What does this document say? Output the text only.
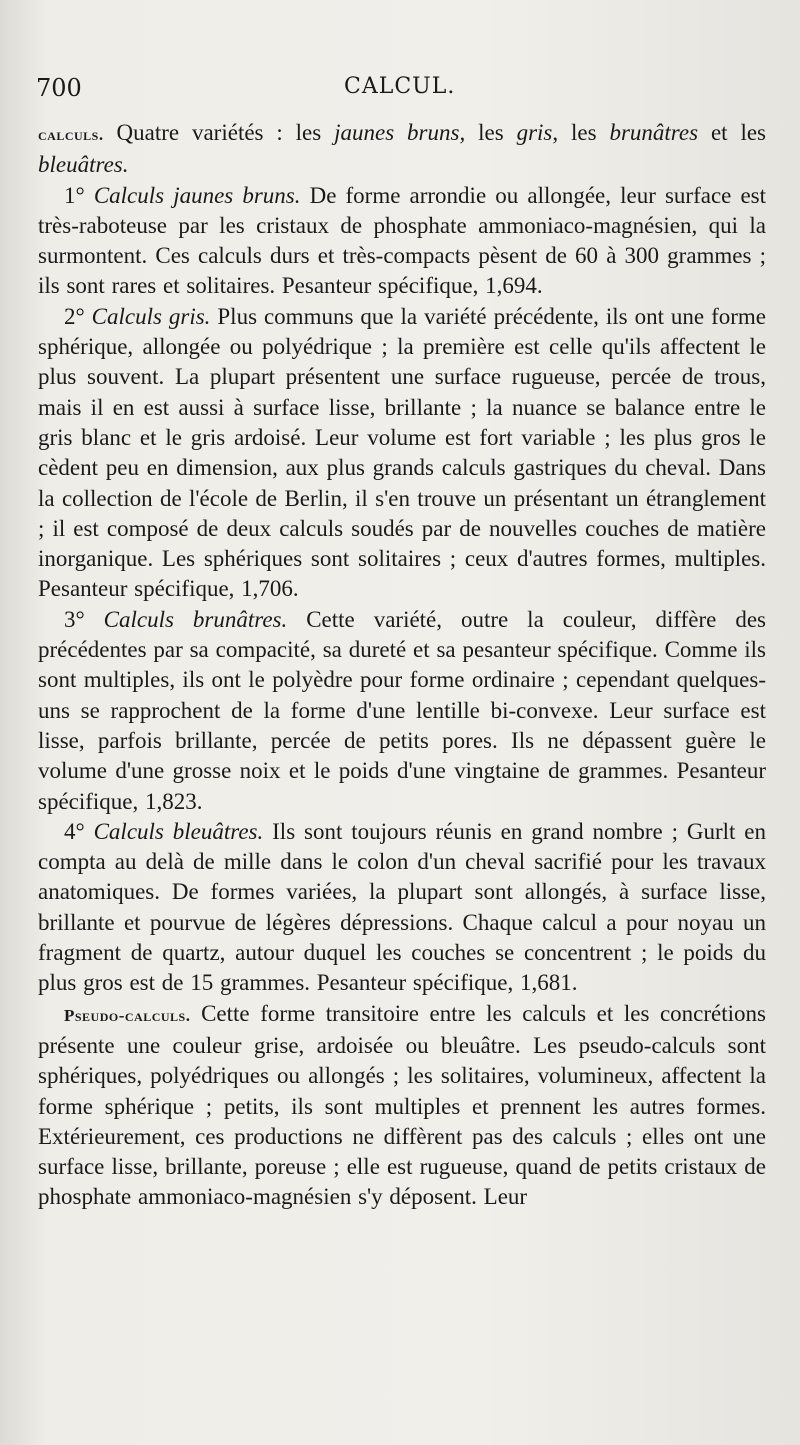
700	CALCUL.

calculs. Quatre variétés : les jaunes bruns, les gris, les brunâtres et les bleuâtres.

1° Calculs jaunes bruns. De forme arrondie ou allongée, leur surface est très-raboteuse par les cristaux de phosphate ammoniaco-magnésien, qui la surmontent. Ces calculs durs et très-compacts pèsent de 60 à 300 grammes ; ils sont rares et solitaires. Pesanteur spécifique, 1,694.

2° Calculs gris. Plus communs que la variété précédente, ils ont une forme sphérique, allongée ou polyédrique ; la première est celle qu'ils affectent le plus souvent. La plupart présentent une surface rugueuse, percée de trous, mais il en est aussi à surface lisse, brillante ; la nuance se balance entre le gris blanc et le gris ardoisé. Leur volume est fort variable ; les plus gros le cèdent peu en dimension, aux plus grands calculs gastriques du cheval. Dans la collection de l'école de Berlin, il s'en trouve un présentant un étranglement ; il est composé de deux calculs soudés par de nouvelles couches de matière inorganique. Les sphériques sont solitaires ; ceux d'autres formes, multiples. Pesanteur spécifique, 1,706.

3° Calculs brunâtres. Cette variété, outre la couleur, diffère des précédentes par sa compacité, sa dureté et sa pesanteur spécifique. Comme ils sont multiples, ils ont le polyèdre pour forme ordinaire ; cependant quelques-uns se rapprochent de la forme d'une lentille bi-convexe. Leur surface est lisse, parfois brillante, percée de petits pores. Ils ne dépassent guère le volume d'une grosse noix et le poids d'une vingtaine de grammes. Pesanteur spécifique, 1,823.

4° Calculs bleuâtres. Ils sont toujours réunis en grand nombre ; Gurlt en compta au delà de mille dans le colon d'un cheval sacrifié pour les travaux anatomiques. De formes variées, la plupart sont allongés, à surface lisse, brillante et pourvue de légères dépressions. Chaque calcul a pour noyau un fragment de quartz, autour duquel les couches se concentrent ; le poids du plus gros est de 15 grammes. Pesanteur spécifique, 1,681.

Pseudo-calculs. Cette forme transitoire entre les calculs et les concrétions présente une couleur grise, ardoisée ou bleuâtre. Les pseudo-calculs sont sphériques, polyédriques ou allongés ; les solitaires, volumineux, affectent la forme sphérique ; petits, ils sont multiples et prennent les autres formes. Extérieurement, ces productions ne diffèrent pas des calculs ; elles ont une surface lisse, brillante, poreuse ; elle est rugueuse, quand de petits cristaux de phosphate ammoniaco-magnésien s'y déposent. Leur
